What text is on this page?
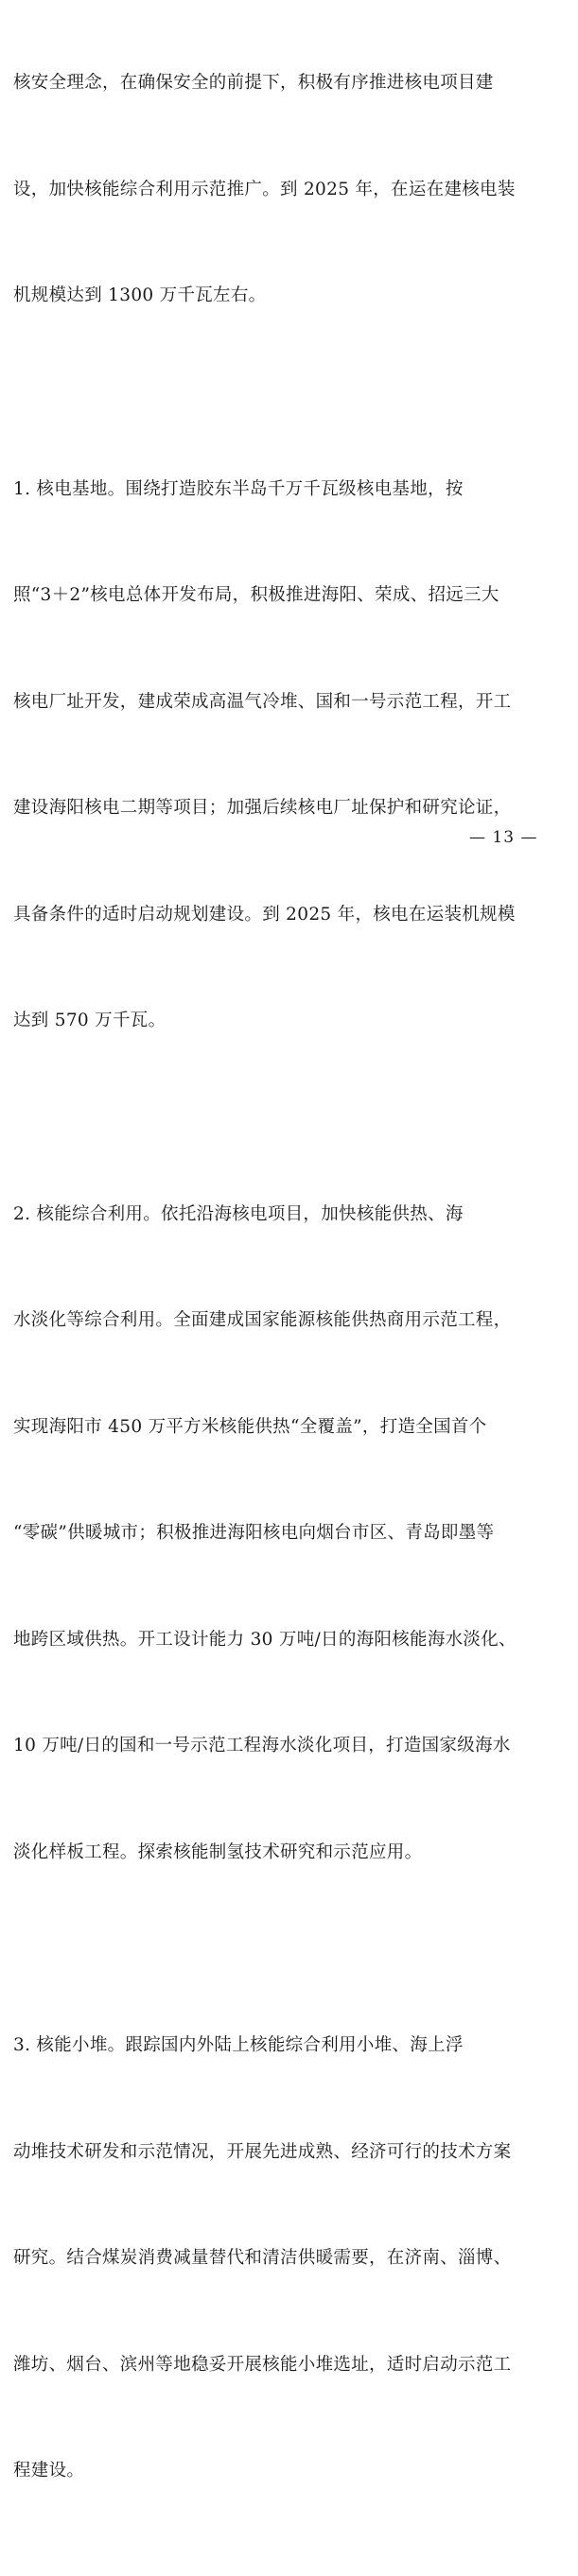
核安全理念，在确保安全的前提下，积极有序推进核电项目建

设，加快核能综合利用示范推广。到 2025 年，在运在建核电装

机规模达到 1300 万千瓦左右。

1. 核电基地。围绕打造胶东半岛千万千瓦级核电基地，按

照“3＋2”核电总体开发布局，积极推进海阳、荣成、招远三大

核电厂址开发，建成荣成高温气冷堆、国和一号示范工程，开工

建设海阳核电二期等项目；加强后续核电厂址保护和研究论证，

具备条件的适时启动规划建设。到 2025 年，核电在运装机规模

达到 570 万千瓦。

2. 核能综合利用。依托沿海核电项目，加快核能供热、海

水淡化等综合利用。全面建成国家能源核能供热商用示范工程，

实现海阳市 450 万平方米核能供热“全覆盖”，打造全国首个

“零碳”供暖城市；积极推进海阳核电向烟台市区、青岛即墨等

地跨区域供热。开工设计能力 30 万吨/日的海阳核能海水淡化、

10 万吨/日的国和一号示范工程海水淡化项目，打造国家级海水

淡化样板工程。探索核能制氢技术研究和示范应用。

3. 核能小堆。跟踪国内外陆上核能综合利用小堆、海上浮

动堆技术研发和示范情况，开展先进成熟、经济可行的技术方案

研究。结合煤炭消费减量替代和清洁供暖需要，在济南、淄博、

潍坊、烟台、滨州等地稳妥开展核能小堆选址，适时启动示范工

程建设。

— 13 —
